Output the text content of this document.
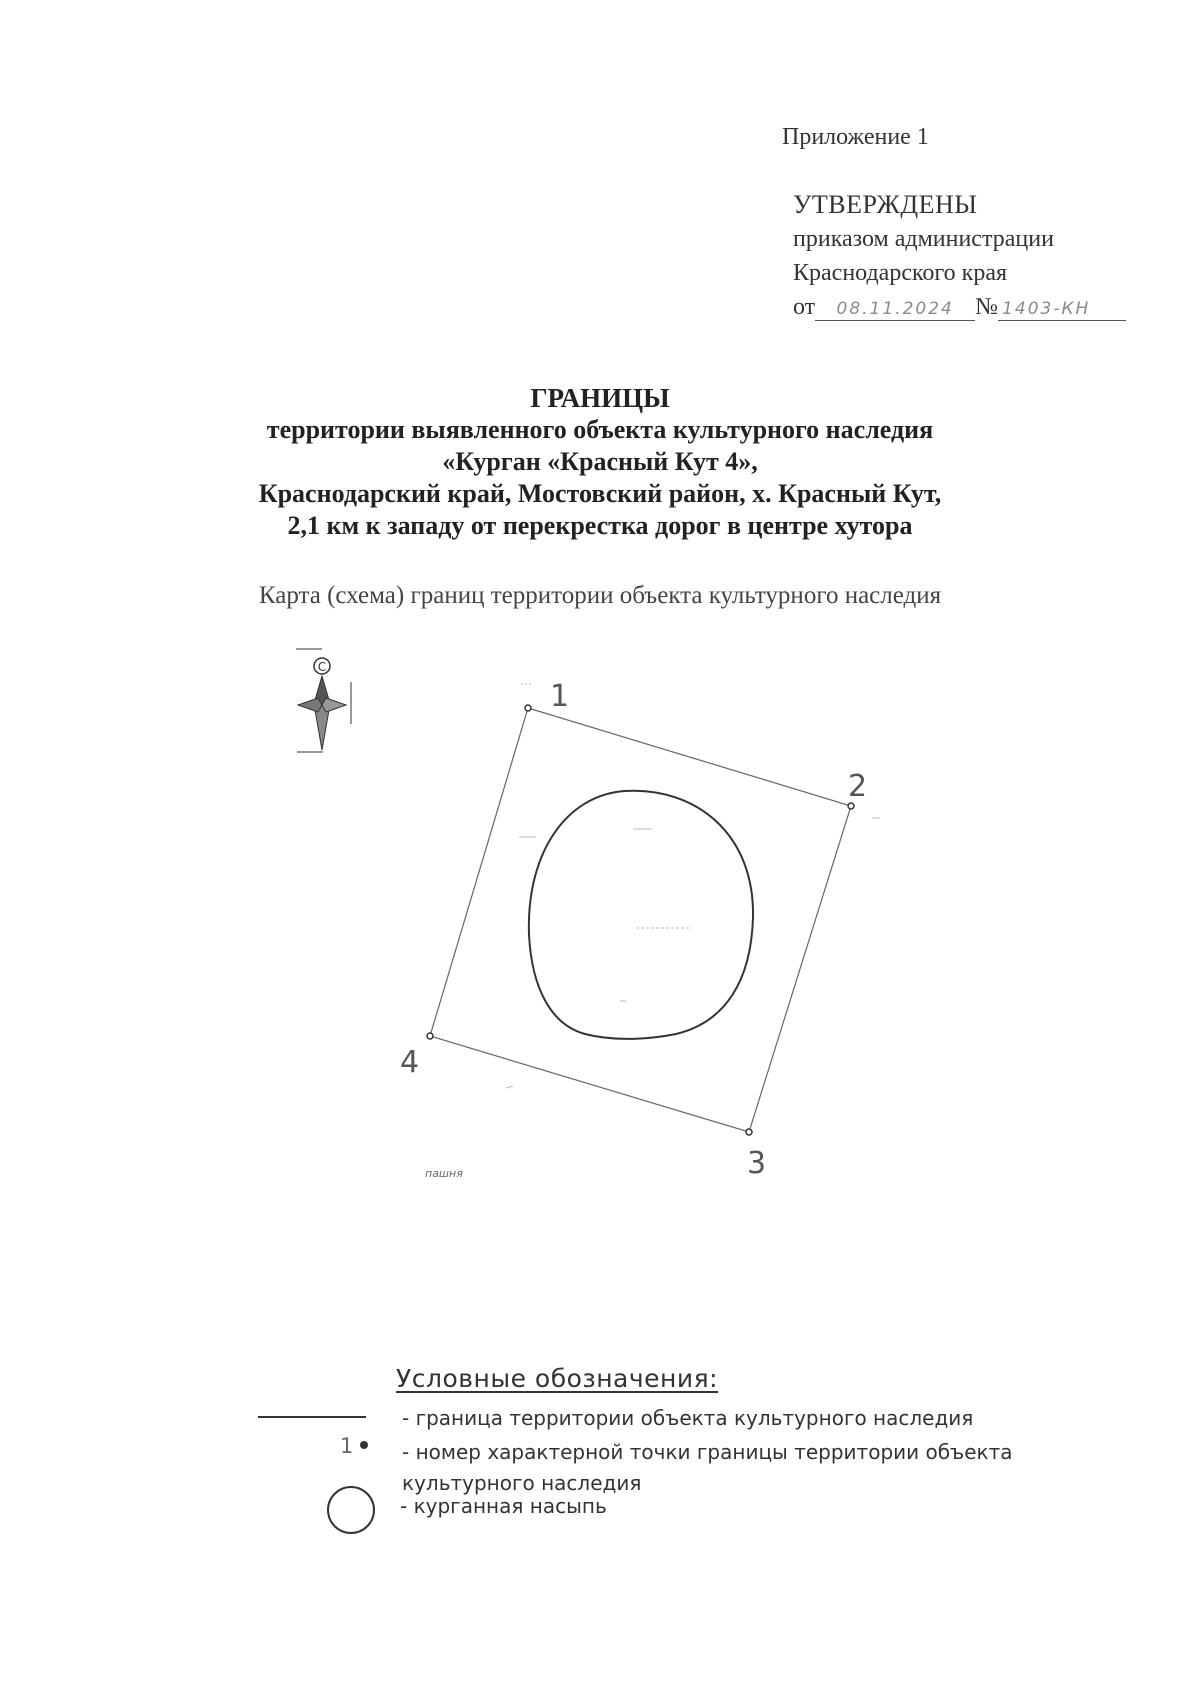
Приложение 1
УТВЕРЖДЕНЫ
приказом администрации
Краснодарского края
от 08.11.2024 № 1403-КН
ГРАНИЦЫ
территории выявленного объекта культурного наследия
«Курган «Красный Кут 4»,
Краснодарский край, Мостовский район, х. Красный Кут,
2,1 км к западу от перекрестка дорог в центре хутора
Карта (схема) границ территории объекта культурного наследия
С
1
2
3
4
пашня
Условные обозначения:
- граница территории объекта культурного наследия
1 - номер характерной точки границы территории объекта культурного наследия
- курганная насыпь
